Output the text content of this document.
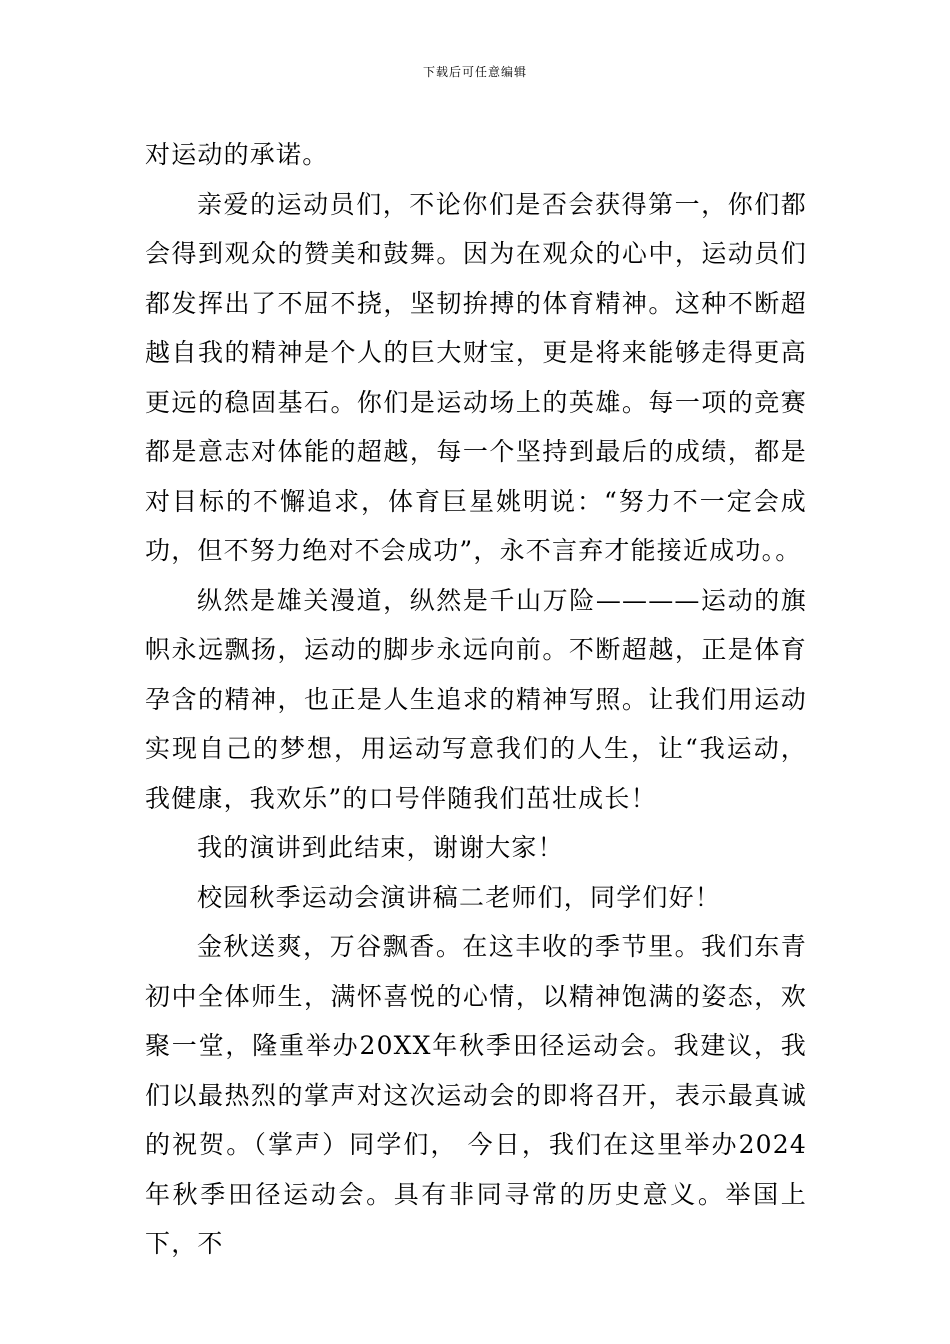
下载后可任意编辑

对运动的承诺。

亲爱的运动员们，不论你们是否会获得第一，你们都会得到观众的赞美和鼓舞。因为在观众的心中，运动员们都发挥出了不屈不挠，坚韧拚搏的体育精神。这种不断超越自我的精神是个人的巨大财宝，更是将来能够走得更高更远的稳固基石。你们是运动场上的英雄。每一项的竞赛都是意志对体能的超越，每一个坚持到最后的成绩，都是对目标的不懈追求，体育巨星姚明说：“努力不一定会成功，但不努力绝对不会成功”，永不言弃才能接近成功。。

纵然是雄关漫道，纵然是千山万险————运动的旗帜永远飘扬，运动的脚步永远向前。不断超越，正是体育孕含的精神，也正是人生追求的精神写照。让我们用运动实现自己的梦想，用运动写意我们的人生，让“我运动，我健康，我欢乐”的口号伴随我们茁壮成长！

我的演讲到此结束，谢谢大家！

校园秋季运动会演讲稿二老师们，同学们好！

金秋送爽，万谷飘香。在这丰收的季节里。我们东青初中全体师生，满怀喜悦的心情，以精神饱满的姿态，欢聚一堂，隆重举办20XX年秋季田径运动会。我建议，我们以最热烈的掌声对这次运动会的即将召开，表示最真诚的祝贺。（掌声）同学们， 今日，我们在这里举办2024年秋季田径运动会。具有非同寻常的历史意义。举国上下，不
